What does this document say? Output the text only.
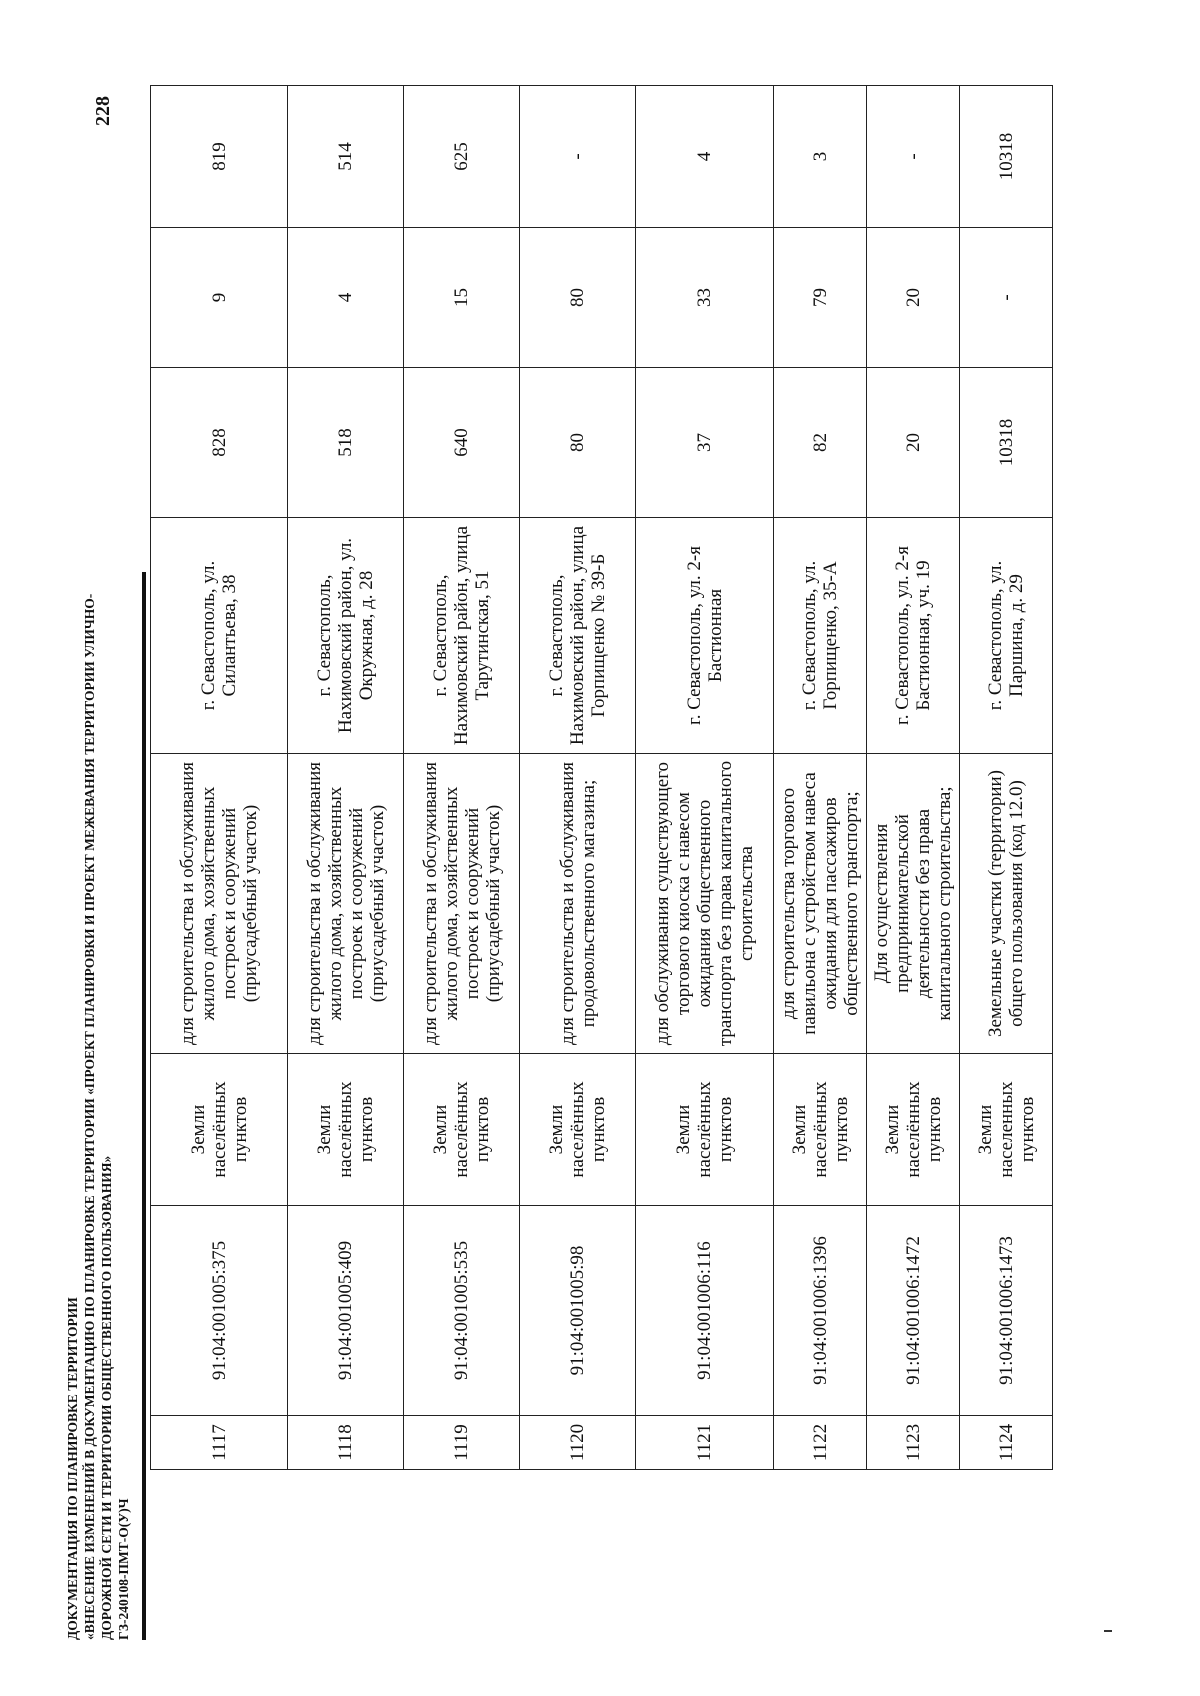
228
ДОКУМЕНТАЦИЯ ПО ПЛАНИРОВКЕ ТЕРРИТОРИИ «ВНЕСЕНИЕ ИЗМЕНЕНИЙ В ДОКУМЕНТАЦИЮ ПО ПЛАНИРОВКЕ ТЕРРИТОРИИ «ПРОЕКТ ПЛАНИРОВКИ И ПРОЕКТ МЕЖЕВАНИЯ ТЕРРИТОРИИ УЛИЧНО- ДОРОЖНОЙ СЕТИ И ТЕРРИТОРИИ ОБЩЕСТВЕННОГО ПОЛЬЗОВАНИЯ» ГЗ-240108-ПМТ-О(У)Ч
1117	91:04:001005:375	Земли населённых пунктов	для строительства и обслуживания жилого дома, хозяйственных построек и сооружений (приусадебный участок)	г. Севастополь, ул. Силантьева, 38	828	9	819
1118	91:04:001005:409	Земли населённых пунктов	для строительства и обслуживания жилого дома, хозяйственных построек и сооружений (приусадебный участок)	г. Севастополь, Нахимовский район, ул. Окружная, д. 28	518	4	514
1119	91:04:001005:535	Земли населённых пунктов	для строительства и обслуживания жилого дома, хозяйственных построек и сооружений (приусадебный участок)	г. Севастополь, Нахимовский район, улица Тарутинская, 51	640	15	625
1120	91:04:001005:98	Земли населённых пунктов	для строительства и обслуживания продовольственного магазина;	г. Севастополь, Нахимовский район, улица Горпищенко № 39-Б	80	80	-
1121	91:04:001006:116	Земли населённых пунктов	для обслуживания существующего торгового киоска с навесом ожидания общественного транспорта без права капитального строительства	г. Севастополь, ул. 2-я Бастионная	37	33	4
1122	91:04:001006:1396	Земли населённых пунктов	для строительства торгового павильона с устройством навеса ожидания для пассажиров общественного транспорта;	г. Севастополь, ул. Горпищенко, 35-А	82	79	3
1123	91:04:001006:1472	Земли населённых пунктов	Для осуществления предпринимательской деятельности без права капитального строительства;	г. Севастополь, ул. 2-я Бастионная, уч. 19	20	20	-
1124	91:04:001006:1473	Земли населенных пунктов	Земельные участки (территории) общего пользования (код 12.0)	г. Севастополь, ул. Паршина, д. 29	10318	-	10318
